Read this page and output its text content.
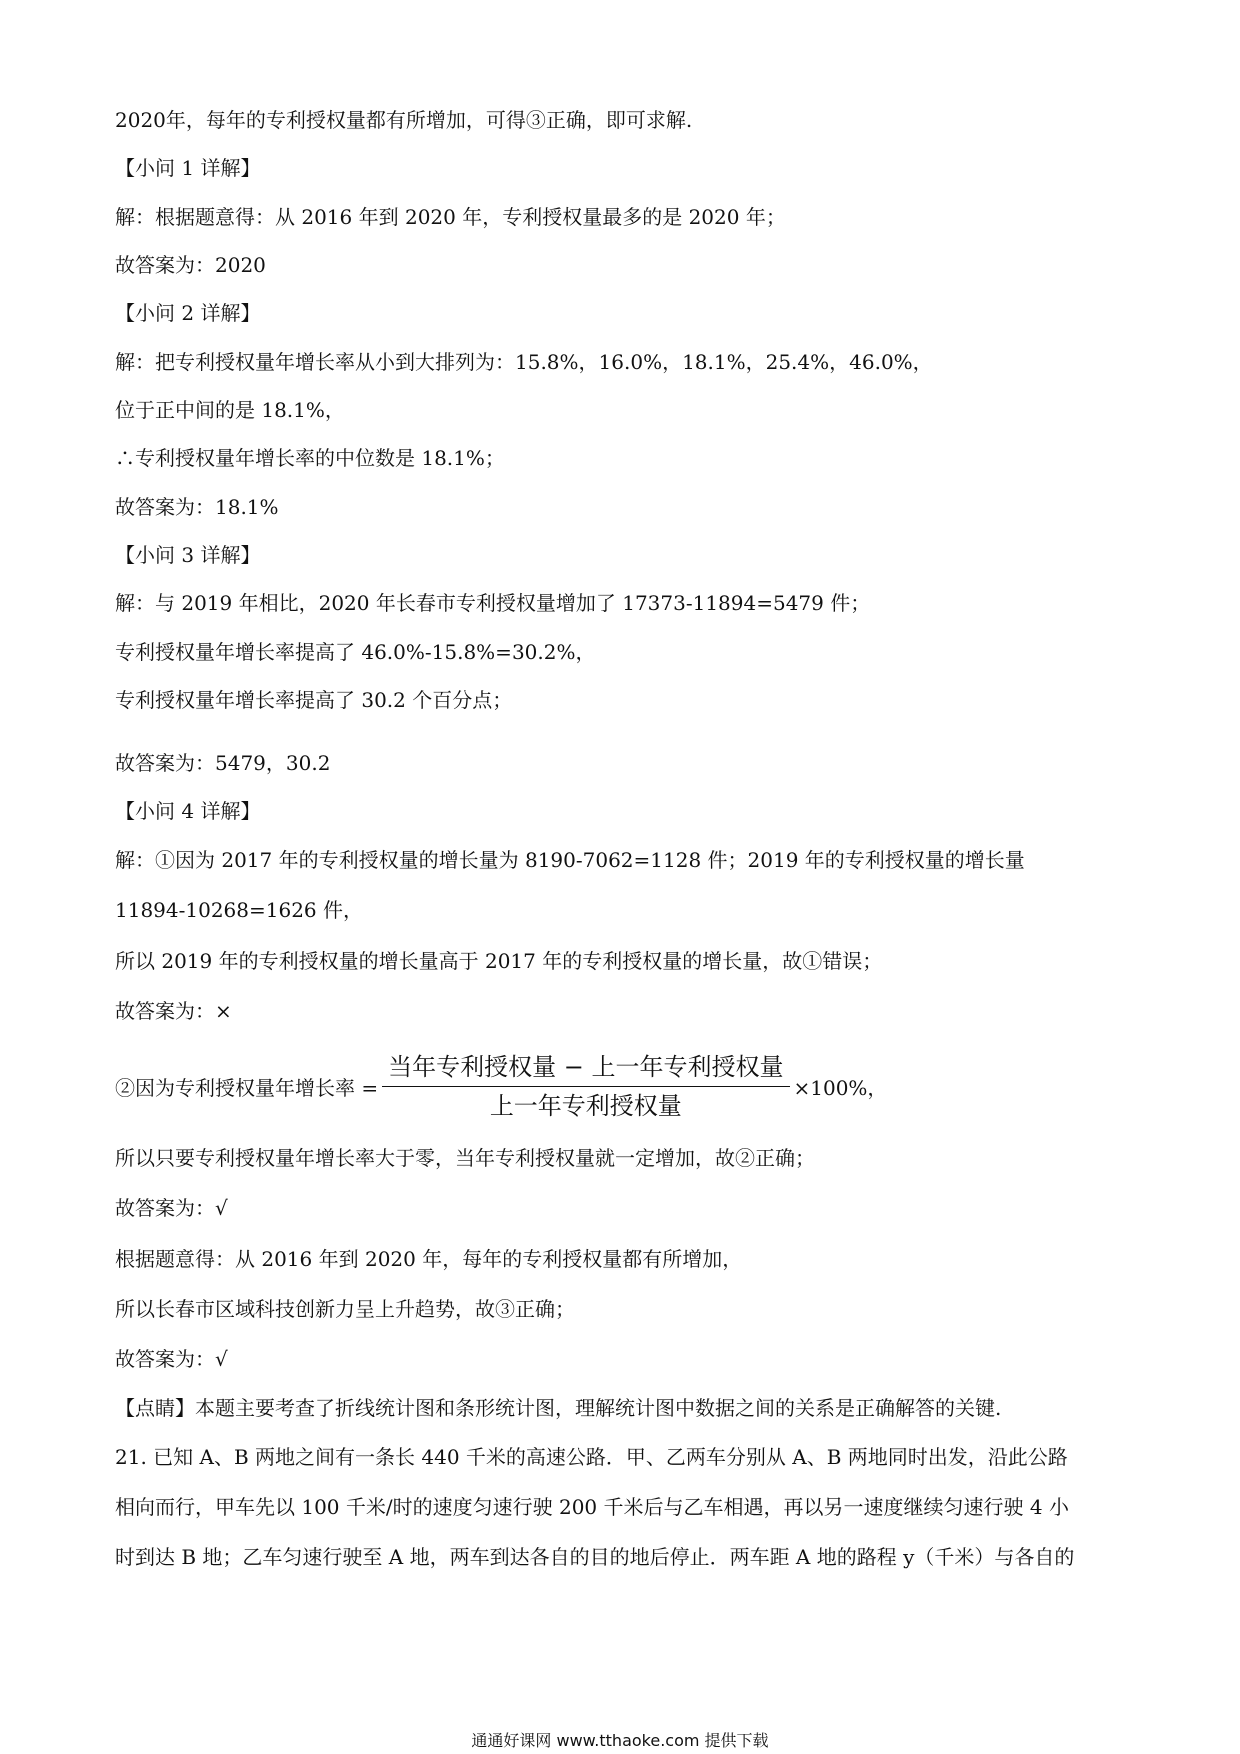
2020年，每年的专利授权量都有所增加，可得③正确，即可求解.
【小问 1 详解】
解：根据题意得：从 2016 年到 2020 年，专利授权量最多的是 2020 年；
故答案为：2020
【小问 2 详解】
解：把专利授权量年增长率从小到大排列为：15.8%，16.0%，18.1%，25.4%，46.0%，
位于正中间的是 18.1%，
∴专利授权量年增长率的中位数是 18.1%；
故答案为：18.1%
【小问 3 详解】
解：与 2019 年相比，2020 年长春市专利授权量增加了 17373-11894=5479 件；
专利授权量年增长率提高了 46.0%-15.8%=30.2%，
专利授权量年增长率提高了 30.2 个百分点；
故答案为：5479，30.2
【小问 4 详解】
解：①因为 2017 年的专利授权量的增长量为 8190-7062=1128 件；2019 年的专利授权量的增长量
11894-10268=1626 件，
所以 2019 年的专利授权量的增长量高于 2017 年的专利授权量的增长量，故①错误；
故答案为：×
②因为专利授权量年增长率 = $\frac{\text{当年专利授权量 − 上一年专利授权量}}{\text{上一年专利授权量}} \times 100\%$，
所以只要专利授权量年增长率大于零，当年专利授权量就一定增加，故②正确；
故答案为：√
根据题意得：从 2016 年到 2020 年，每年的专利授权量都有所增加，
所以长春市区域科技创新力呈上升趋势，故③正确；
故答案为：√
【点睛】本题主要考查了折线统计图和条形统计图，理解统计图中数据之间的关系是正确解答的关键.
21. 已知 A、B 两地之间有一条长 440 千米的高速公路．甲、乙两车分别从 A、B 两地同时出发，沿此公路
相向而行，甲车先以 100 千米/时的速度匀速行驶 200 千米后与乙车相遇，再以另一速度继续匀速行驶 4 小
时到达 B 地；乙车匀速行驶至 A 地，两车到达各自的目的地后停止．两车距 A 地的路程 y（千米）与各自的
通通好课网 www.tthaoke.com 提供下载
